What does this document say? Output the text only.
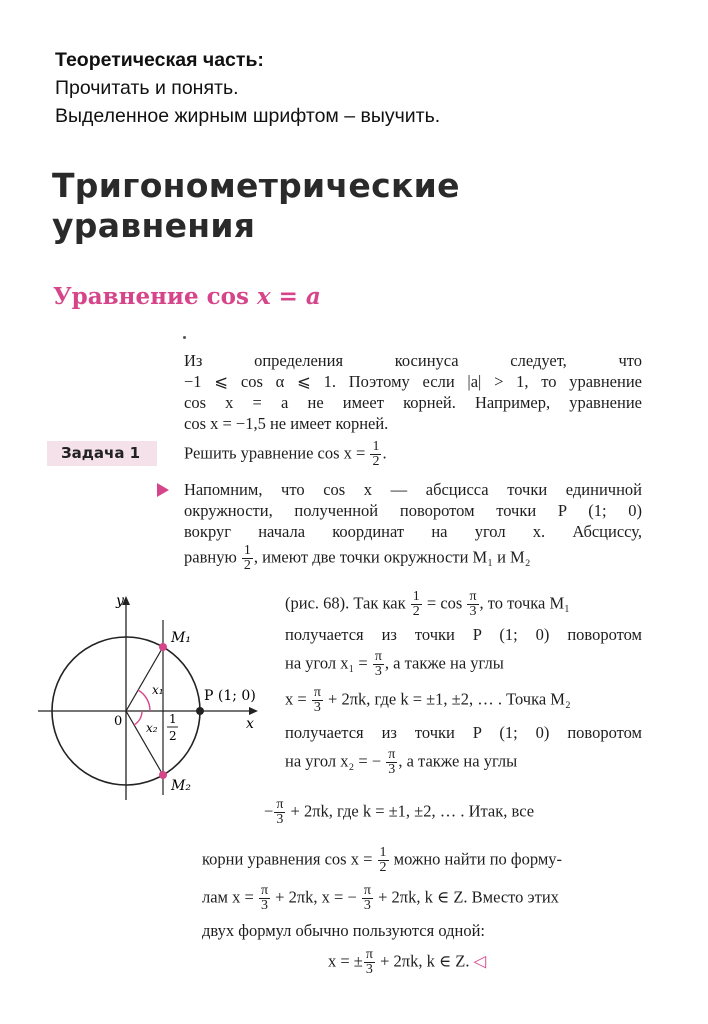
Теоретическая часть:
Прочитать и понять.
Выделенное жирным шрифтом – выучить.
Тригонометрические
уравнения
Уравнение cos x = a
Из определения косинуса следует, что
−1 ⩽ cos α ⩽ 1. Поэтому если |a| > 1, то уравнение
cos x = a не имеет корней. Например, уравнение
cos x = −1,5 не имеет корней.
Задача 1	Решить уравнение $\cos x = \frac{1}{2}$ .
Напомним, что cos x — абсцисса точки единичной
окружности, полученной поворотом точки P (1; 0)
вокруг начала координат на угол x. Абсциссу,
равную $\frac{1}{2}$ , имеют две точки окружности M₁ и M₂
y
x
0
P (1; 0)
M₁
M₂
x₁
x₂
1
2
(рис. 68). Так как $\frac{1}{2} = \cos \frac{\pi}{3}$ , то точка M₁
получается из точки P (1; 0) поворотом
на угол $x_1 = \frac{\pi}{3}$ , а также на углы
$x = \frac{\pi}{3} + 2\pi k$, где k = ±1, ±2, … . Точка M₂
получается из точки P (1; 0) поворотом
на угол x₂ = − $\frac{\pi}{3}$ , а также на углы
− $\frac{\pi}{3} + 2\pi k$, где k = ±1, ±2, … . Итак, все
корни уравнения $\cos x = \frac{1}{2}$ можно найти по форму-
лам $x = \frac{\pi}{3} + 2\pi k$, x = − $\frac{\pi}{3} + 2\pi k$, k ∈ Z. Вместо этих
двух формул обычно пользуются одной:
x = ± $\frac{\pi}{3} + 2\pi k$, k ∈ Z. ◁
